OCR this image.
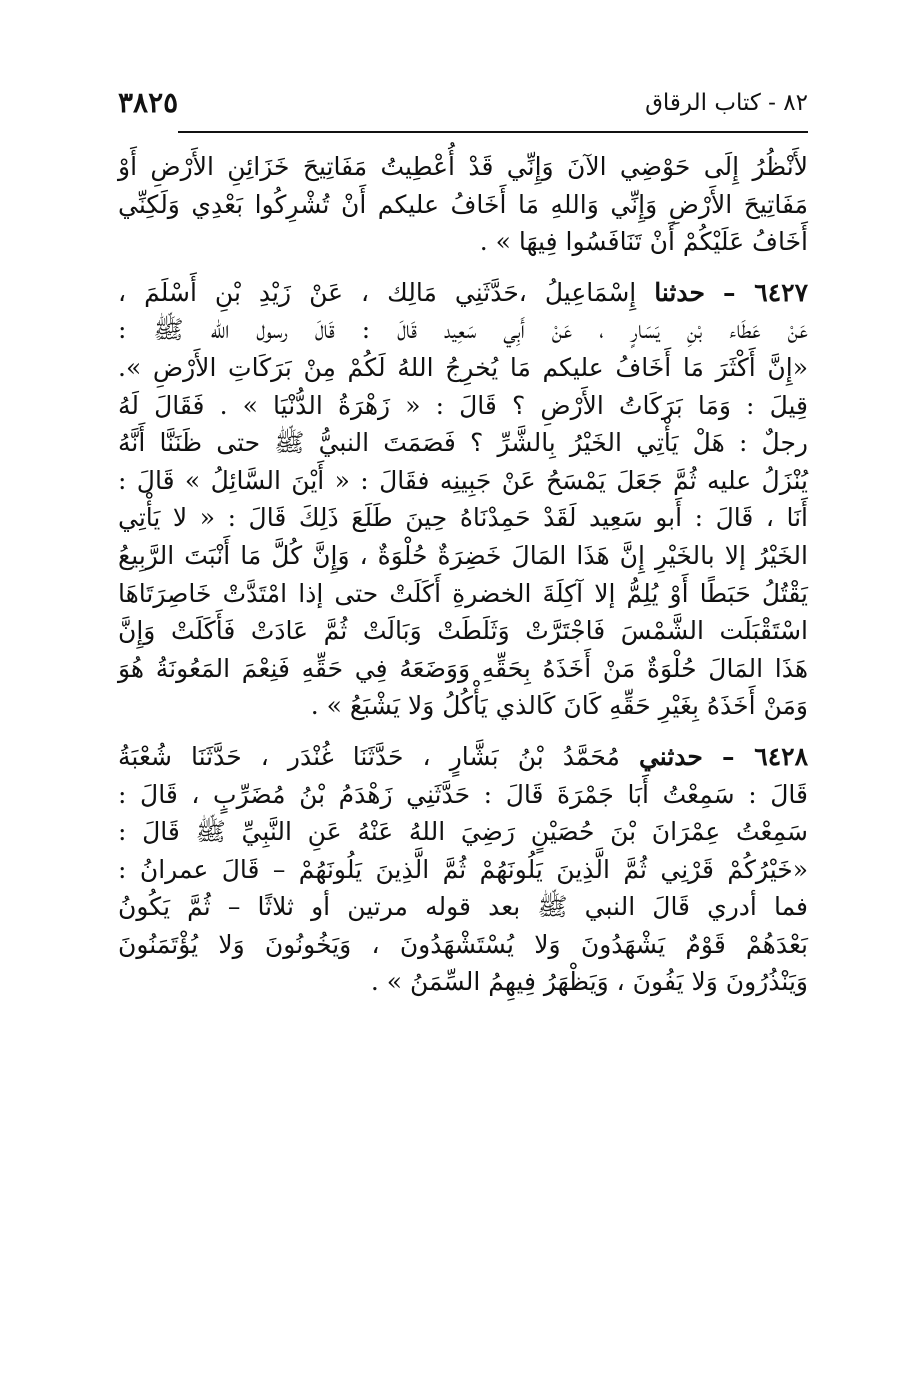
٨٢ - كتاب الرقاق
٣٨٢٥
لأَنْظُرُ إِلَى حَوْضِي الآنَ وَإِنِّي قَدْ أُعْطِيتُ مَفَاتِيحَ خَزَائِنِ الأَرْضِ أَوْ
مَفَاتِيحَ الأَرْضِ وَإِنِّي وَاللهِ مَا أَخَافُ عليكم أَنْ تُشْرِكُوا بَعْدِي وَلَكِنِّي
أَخَافُ عَلَيْكُمْ أَنْ تَنَافَسُوا فِيهَا » .
٦٤٢٧ – حدثنا إِسْمَاعِيلُ ،حَدَّثَنِي مَالِك ، عَنْ زَيْدِ بْنِ أَسْلَمَ ،
عَنْ عَطَاء بْنِ يَسَارٍ ، عَنْ أَبِي سَعِيد قَالَ : قَالَ رسول الله ﷺ :
«إِنَّ أَكْثَرَ مَا أَخَافُ عليكم مَا يُخرِجُ اللهُ لَكُمْ مِنْ بَرَكَاتِ الأَرْضِ ».
قِيلَ : وَمَا بَرَكَاتُ الأَرْضِ ؟ قَالَ : « زَهْرَةُ الدُّنْيَا » . فَقَالَ لَهُ
رجلٌ : هَلْ يَأْتِي الخَيْرُ بِالشَّرِّ ؟ فَصَمَتَ النبيُّ ﷺ حتى ظَنَنَّا أَنَّهُ
يُنْزَلُ عليه ثُمَّ جَعَلَ يَمْسَحُ عَنْ جَبِينِه فقَالَ : « أَيْنَ السَّائِلُ » قَالَ :
أَنَا ، قَالَ : أَبو سَعِيد لَقَدْ حَمِدْنَاهُ حِينَ طَلَعَ ذَلِكَ قَالَ : « لا يَأْتِي
الخَيْرُ إلا بالخَيْرِ إِنَّ هَذَا المَالَ خَضِرَةٌ حُلْوَةٌ ، وَإِنَّ كُلَّ مَا أَنْبَتَ الرَّبِيعُ
يَقْتُلُ حَبَطًا أَوْ يُلِمُّ إلا آكِلَةَ الخضرةِ أَكَلَتْ حتى إذا امْتَدَّتْ خَاصِرَتَاهَا
اسْتَقْبَلَت الشَّمْسَ فَاجْتَرَّتْ وَثَلَطَتْ وَبَالَتْ ثُمَّ عَادَتْ فَأَكَلَتْ وَإِنَّ
هَذَا المَالَ حُلْوَةٌ مَنْ أَخَذَهُ بِحَقِّهِ وَوَضَعَهُ فِي حَقِّهِ فَنِعْمَ المَعُونَةُ هُوَ
وَمَنْ أَخَذَهُ بِغَيْرِ حَقِّهِ كَانَ كَالذي يَأْكُلُ وَلا يَشْبَعُ » .
٦٤٢٨ – حدثني مُحَمَّدُ بْنُ بَشَّارٍ ، حَدَّثَنَا غُنْدَر ، حَدَّثَنَا شُعْبَةُ
قَالَ : سَمِعْتُ أَبَا جَمْرَةَ قَالَ : حَدَّثَنِي زَهْدَمُ بْنُ مُضَرِّبٍ ، قَالَ :
سَمِعْتُ عِمْرَانَ بْنَ حُصَيْنٍ رَضِيَ اللهُ عَنْهُ عَنِ النَّبِيِّ ﷺ قَالَ :
«خَيْرُكُمْ قَرْنِي ثُمَّ الَّذِينَ يَلُونَهُمْ ثُمَّ الَّذِينَ يَلُونَهُمْ – قَالَ عمرانُ :
فما أدري قَالَ النبي ﷺ بعد قوله مرتين أو ثلاثًا – ثُمَّ يَكُونُ
بَعْدَهُمْ قَوْمٌ يَشْهَدُونَ وَلا يُسْتَشْهَدُونَ ، وَيَخُونُونَ وَلا يُؤْتَمَنُونَ
وَيَنْذُرُونَ وَلا يَفُونَ ، وَيَظْهَرُ فِيهِمُ السِّمَنُ » .
